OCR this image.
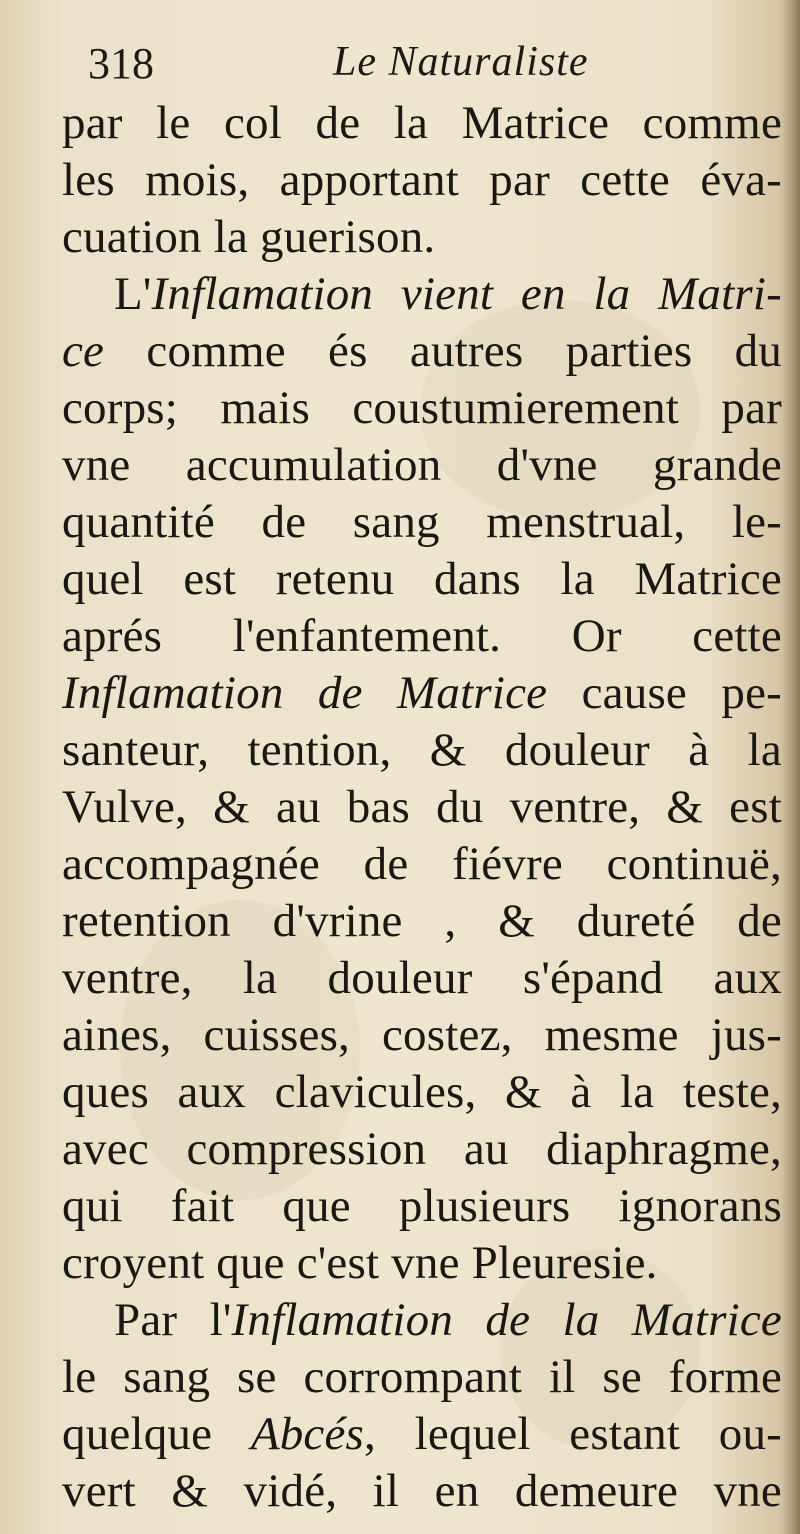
318	Le Naturaliste
par le col de la Matrice comme
les mois, apportant par cette éva-
cuation la guerison.
L'Inflamation vient en la Matri-
ce comme és autres parties du
corps; mais coustumierement par
vne accumulation d'vne grande
quantité de sang menstrual, le-
quel est retenu dans la Matrice
aprés l'enfantement. Or cette
Inflamation de Matrice cause pe-
santeur, tention, & douleur à la
Vulve, & au bas du ventre, & est
accompagnée de fiévre continuë,
retention d'vrine , & dureté de
ventre, la douleur s'épand aux
aines, cuisses, costez, mesme jus-
ques aux clavicules, & à la teste,
avec compression au diaphragme,
qui fait que plusieurs ignorans
croyent que c'est vne Pleuresie.
Par l'Inflamation de la Matrice
le sang se corrompant il se forme
quelque Abcés, lequel estant ou-
vert & vidé, il en demeure vne
